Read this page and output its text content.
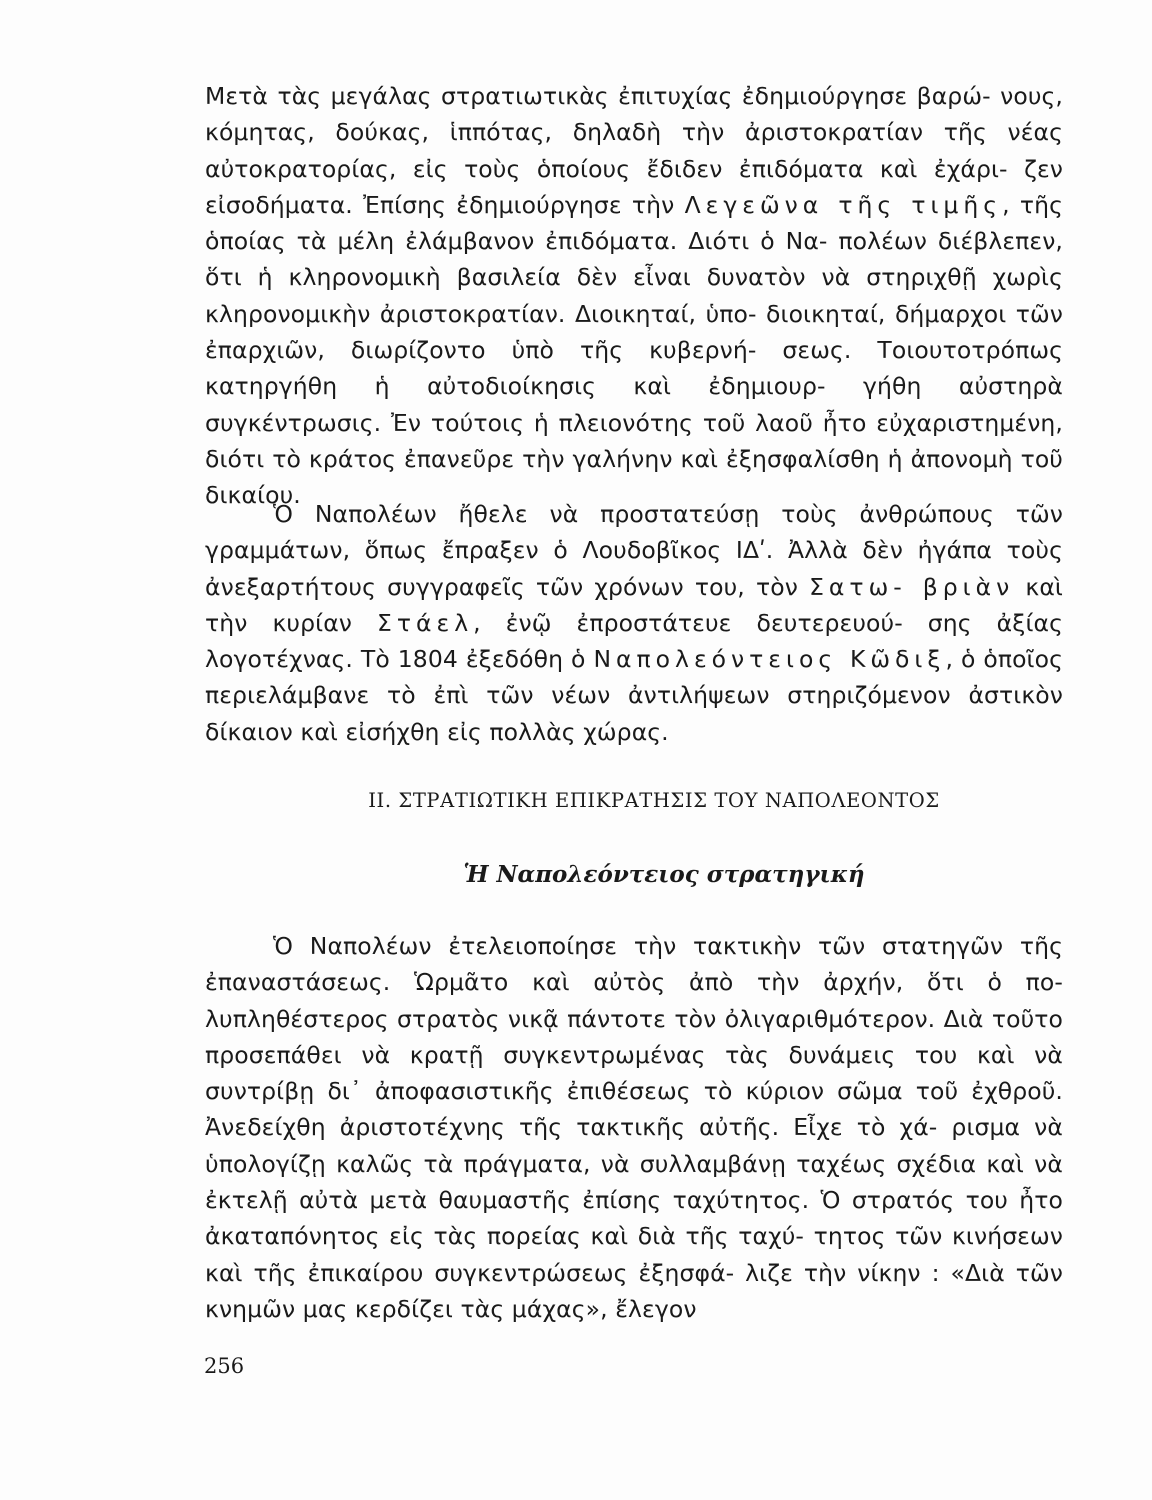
Μετὰ τὰς μεγάλας στρατιωτικὰς ἐπιτυχίας ἐδημιούργησε βαρώ- νους, κόμητας, δούκας, ἱππότας, δηλαδὴ τὴν ἀριστοκρατίαν τῆς νέας αὐτοκρατορίας, εἰς τοὺς ὁποίους ἔδιδεν ἐπιδόματα καὶ ἐχάρι- ζεν εἰσοδήματα. Ἐπίσης ἐδημιούργησε τὴν Λεγεῶνα τῆς τιμῆς, τῆς ὁποίας τὰ μέλη ἐλάμβανον ἐπιδόματα. Διότι ὁ Να- πολέων διέβλεπεν, ὅτι ἡ κληρονομικὴ βασιλεία δὲν εἶναι δυνατὸν νὰ στηριχθῇ χωρὶς κληρονομικὴν ἀριστοκρατίαν. Διοικηταί, ὑπο- διοικηταί, δήμαρχοι τῶν ἐπαρχιῶν, διωρίζοντο ὑπὸ τῆς κυβερνή- σεως. Τοιουτοτρόπως κατηργήθη ἡ αὐτοδιοίκησις καὶ ἐδημιουρ- γήθη αὐστηρὰ συγκέντρωσις. Ἐν τούτοις ἡ πλειονότης τοῦ λαοῦ ἦτο εὐχαριστημένη, διότι τὸ κράτος ἐπανεῦρε τὴν γαλήνην καὶ ἐξησφαλίσθη ἡ ἀπονομὴ τοῦ δικαίου.

Ὁ Ναπολέων ἤθελε νὰ προστατεύσῃ τοὺς ἀνθρώπους τῶν γραμμάτων, ὅπως ἔπραξεν ὁ Λουδοβῖκος ΙΔʹ. Ἀλλὰ δὲν ἠγάπα τοὺς ἀνεξαρτήτους συγγραφεῖς τῶν χρόνων του, τὸν Σατω- βριὰν καὶ τὴν κυρίαν Στάελ, ἐνῷ ἐπροστάτευε δευτερευού- σης ἀξίας λογοτέχνας. Τὸ 1804 ἐξεδόθη ὁ Ναπολεόντειος Κῶδιξ, ὁ ὁποῖος περιελάμβανε τὸ ἐπὶ τῶν νέων ἀντιλήψεων στηριζόμενον ἀστικὸν δίκαιον καὶ εἰσήχθη εἰς πολλὰς χώρας.

ΙΙ. ΣΤΡΑΤΙΩΤΙΚΗ ΕΠΙΚΡΑΤΗΣΙΣ ΤΟΥ ΝΑΠΟΛΕΟΝΤΟΣ
Ἡ Ναπολεόντειος στρατηγική

Ὁ Ναπολέων ἐτελειοποίησε τὴν τακτικὴν τῶν στατηγῶν τῆς ἐπαναστάσεως. Ὡρμᾶτο καὶ αὐτὸς ἀπὸ τὴν ἀρχήν, ὅτι ὁ πο- λυπληθέστερος στρατὸς νικᾷ πάντοτε τὸν ὀλιγαριθμότερον. Διὰ τοῦτο προσεπάθει νὰ κρατῇ συγκεντρωμένας τὰς δυνάμεις του καὶ νὰ συντρίβῃ δι᾽ ἀποφασιστικῆς ἐπιθέσεως τὸ κύριον σῶμα τοῦ ἐχθροῦ. Ἀνεδείχθη ἀριστοτέχνης τῆς τακτικῆς αὐτῆς. Εἶχε τὸ χά- ρισμα νὰ ὑπολογίζῃ καλῶς τὰ πράγματα, νὰ συλλαμβάνῃ ταχέως σχέδια καὶ νὰ ἐκτελῇ αὐτὰ μετὰ θαυμαστῆς ἐπίσης ταχύτητος. Ὁ στρατός του ἦτο ἀκαταπόνητος εἰς τὰς πορείας καὶ διὰ τῆς ταχύ- τητος τῶν κινήσεων καὶ τῆς ἐπικαίρου συγκεντρώσεως ἐξησφά- λιζε τὴν νίκην : «Διὰ τῶν κνημῶν μας κερδίζει τὰς μάχας», ἔλεγον

256
